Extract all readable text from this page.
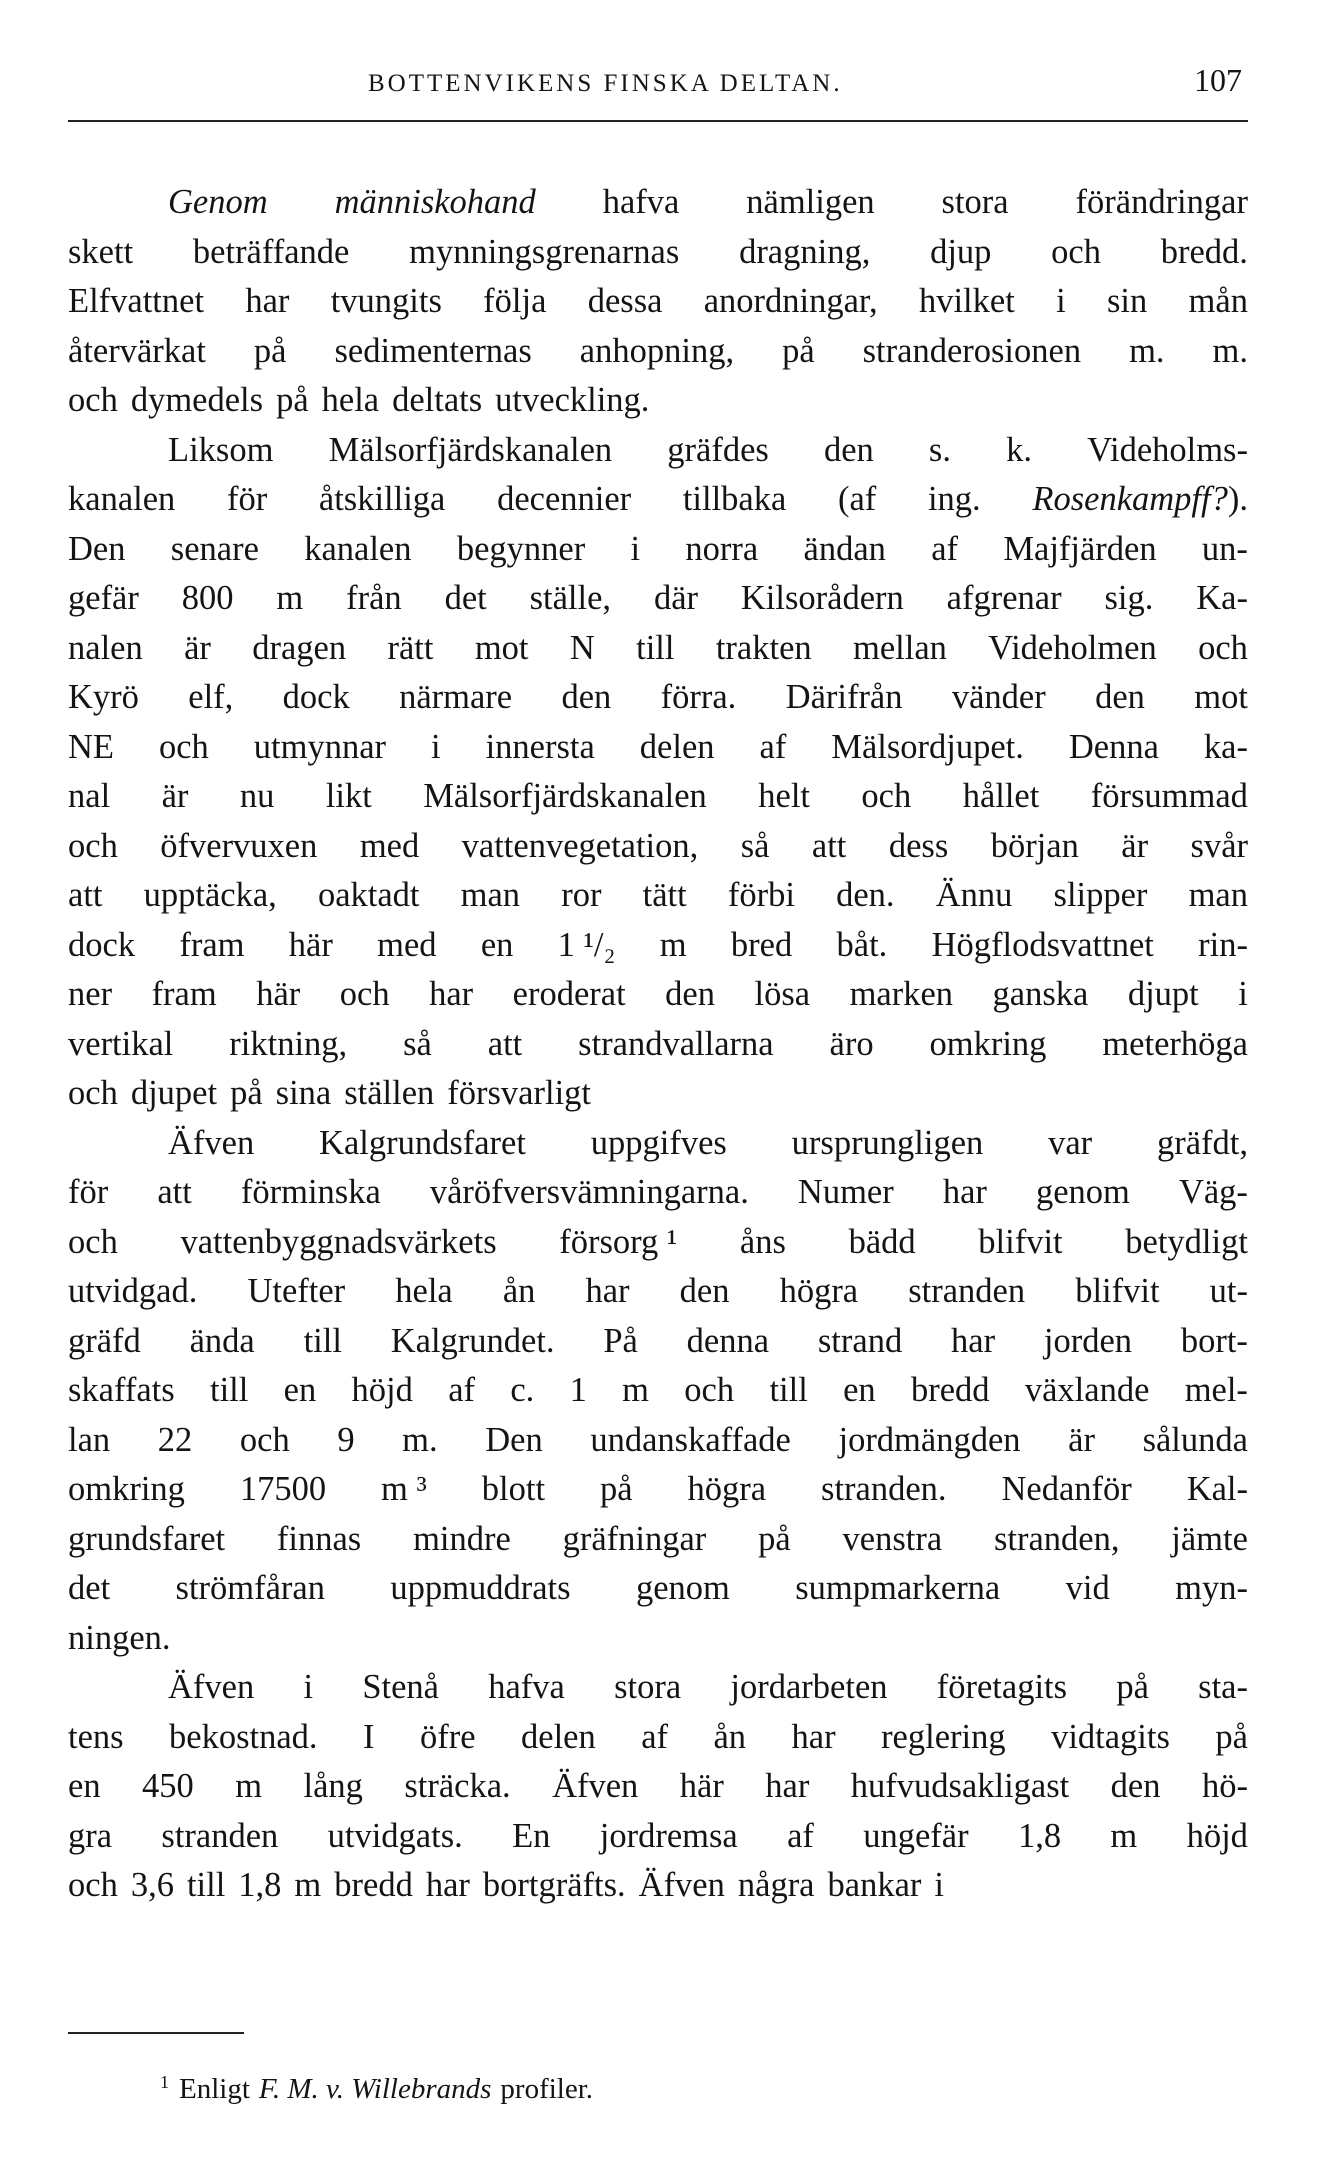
BOTTENVIKENS FINSKA DELTAN.	107
Genom människohand hafva nämligen stora förändringar
skett beträffande mynningsgrenarnas dragning, djup och bredd.
Elfvattnet har tvungits följa dessa anordningar, hvilket i sin mån
återvärkat på sedimenternas anhopning, på stranderosionen m. m.
och dymedels på hela deltats utveckling.
Liksom Mälsorfjärdskanalen gräfdes den s. k. Videholms-
kanalen för åtskilliga decennier tillbaka (af ing. Rosenkampff?).
Den senare kanalen begynner i norra ändan af Majfjärden un-
gefär 800 m från det ställe, där Kilsorådern afgrenar sig. Ka-
nalen är dragen rätt mot N till trakten mellan Videholmen och
Kyrö elf, dock närmare den förra. Därifrån vänder den mot
NE och utmynnar i innersta delen af Mälsordjupet. Denna ka-
nal är nu likt Mälsorfjärdskanalen helt och hållet försummad
och öfvervuxen med vattenvegetation, så att dess början är svår
att upptäcka, oaktadt man ror tätt förbi den. Ännu slipper man
dock fram här med en 1 ¹/₂ m bred båt. Högflodsvattnet rin-
ner fram här och har eroderat den lösa marken ganska djupt i
vertikal riktning, så att strandvallarna äro omkring meterhöga
och djupet på sina ställen försvarligt
Äfven Kalgrundsfaret uppgifves ursprungligen var gräfdt,
för att förminska våröfversvämningarna. Numer har genom Väg-
och vattenbyggnadsvärkets försorg ¹ åns bädd blifvit betydligt
utvidgad. Utefter hela ån har den högra stranden blifvit ut-
gräfd ända till Kalgrundet. På denna strand har jorden bort-
skaffats till en höjd af c. 1 m och till en bredd växlande mel-
lan 22 och 9 m. Den undanskaffade jordmängden är sålunda
omkring 17500 m ³ blott på högra stranden. Nedanför Kal-
grundsfaret finnas mindre gräfningar på venstra stranden, jämte
det strömfåran uppmuddrats genom sumpmarkerna vid myn-
ningen.
Äfven i Stenå hafva stora jordarbeten företagits på sta-
tens bekostnad. I öfre delen af ån har reglering vidtagits på
en 450 m lång sträcka. Äfven här har hufvudsakligast den hö-
gra stranden utvidgats. En jordremsa af ungefär 1,8 m höjd
och 3,6 till 1,8 m bredd har bortgräfts. Äfven några bankar i
$^1$ Enligt F. M. v. Willebrands profiler.
